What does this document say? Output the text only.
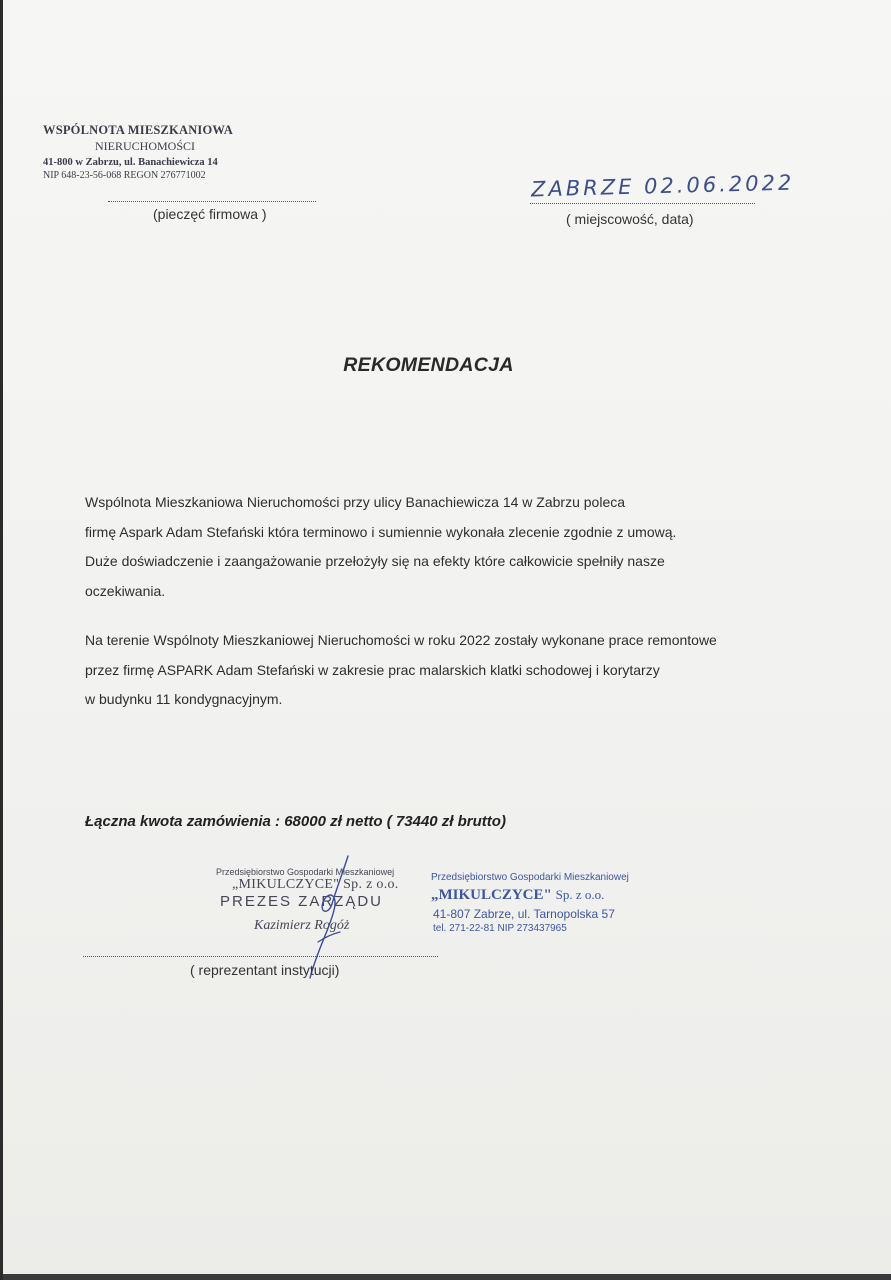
WSPÓLNOTA MIESZKANIOWA
NIERUCHOMOŚCI
41-800 w Zabrzu, ul. Banachiewicza 14
NIP 648-23-56-068 REGON 276771002
(pieczęć firmowa )
ZABRZE 02.06.2022
( miejscowość, data)
REKOMENDACJA
Wspólnota Mieszkaniowa Nieruchomości przy ulicy Banachiewicza 14 w Zabrzu poleca
firmę Aspark Adam Stefański która terminowo i sumiennie wykonała zlecenie zgodnie z umową.
Duże doświadczenie i zaangażowanie przełożyły się na efekty które całkowicie spełniły nasze
oczekiwania.
Na terenie Wspólnoty Mieszkaniowej Nieruchomości w roku 2022 zostały wykonane prace remontowe
przez firmę ASPARK Adam Stefański w zakresie prac malarskich klatki schodowej i korytarzy
w budynku 11 kondygnacyjnym.
Łączna kwota zamówienia : 68000 zł netto ( 73440 zł brutto)
Przedsiębiorstwo Gospodarki Mieszkaniowej
„MIKULCZYCE" Sp. z o.o.
PREZES ZARZĄDU
Kazimierz Rogóż
Przedsiębiorstwo Gospodarki Mieszkaniowej
„MIKULCZYCE" Sp. z o.o.
41-807 Zabrze, ul. Tarnopolska 57
tel. 271-22-81 NIP 273437965
( reprezentant instytucji)
